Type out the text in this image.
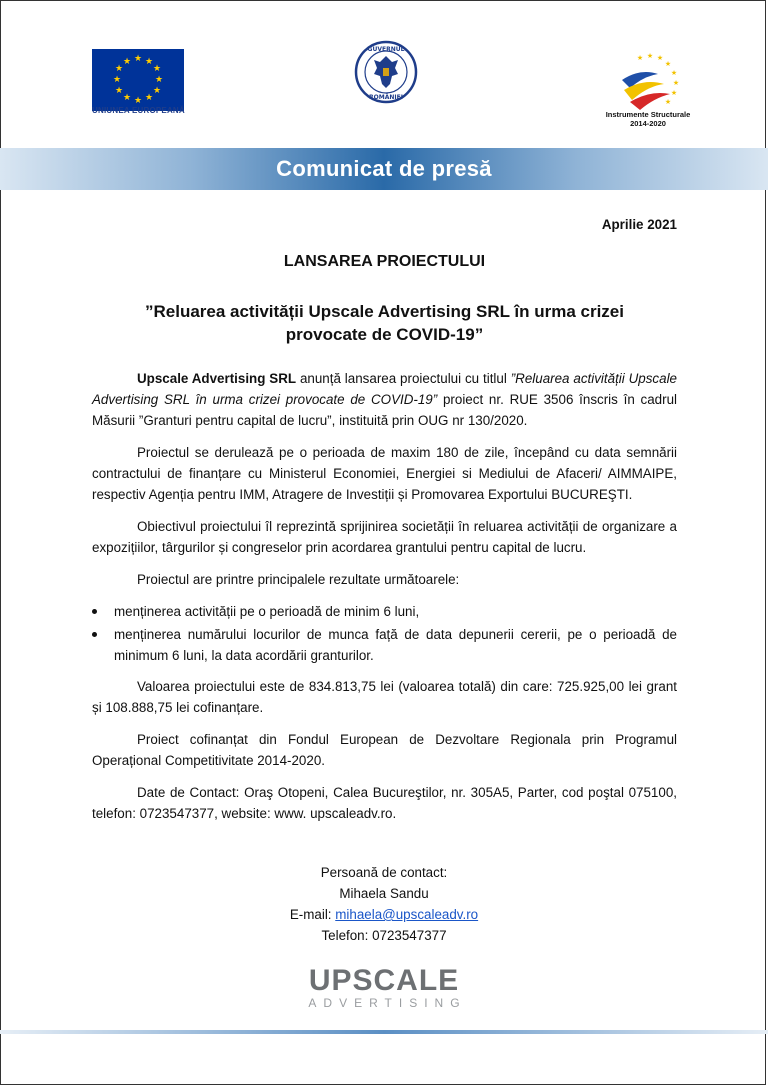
★ ★
★
★
★
★
★
★
★
★
★
★
UNIUNEA EUROPEANĂ
GUVERNUL
ROMÂNIEI
★ ★ ★
★
★
★
★
★
Instrumente Structurale
2014-2020
Comunicat de presă
Aprilie 2021
LANSAREA PROIECTULUI
”Reluarea activității Upscale Advertising SRL în urma crizei
provocate de COVID-19”

Upscale Advertising SRL anunță lansarea proiectului cu titlul ”Reluarea activității Upscale Advertising SRL în urma crizei provocate de COVID-19” proiect nr. RUE 3506 înscris în cadrul Măsurii ”Granturi pentru capital de lucru”, instituită prin OUG nr 130/2020.

Proiectul se derulează pe o perioada de maxim 180 de zile, începând cu data semnării contractului de finanțare cu Ministerul Economiei, Energiei si Mediului de Afaceri/ AIMMAIPE, respectiv Agenția pentru IMM, Atragere de Investiții și Promovarea Exportului BUCUREŞTI.

Obiectivul proiectului îl reprezintă sprijinirea societății în reluarea activității de organizare a expozițiilor, târgurilor și congreselor prin acordarea grantului pentru capital de lucru.

Proiectul are printre principalele rezultate următoarele:

menținerea activității pe o perioadă de minim 6 luni,
menținerea numărului locurilor de munca față de data depunerii cererii, pe o perioadă de minimum 6 luni, la data acordării granturilor.

Valoarea proiectului este de 834.813,75 lei (valoarea totală) din care: 725.925,00 lei grant și 108.888,75 lei cofinanțare.

Proiect cofinanțat din Fondul European de Dezvoltare Regionala prin Programul Operațional Competitivitate 2014-2020.

Date de Contact: Oraş Otopeni, Calea Bucureştilor, nr. 305A5, Parter, cod poştal 075100, telefon: 0723547377, website: www. upscaleadv.ro.

Persoană de contact:
Mihaela Sandu
E-mail: mihaela@upscaleadv.ro
Telefon: 0723547377
UPSCALE
ADVERTISING
